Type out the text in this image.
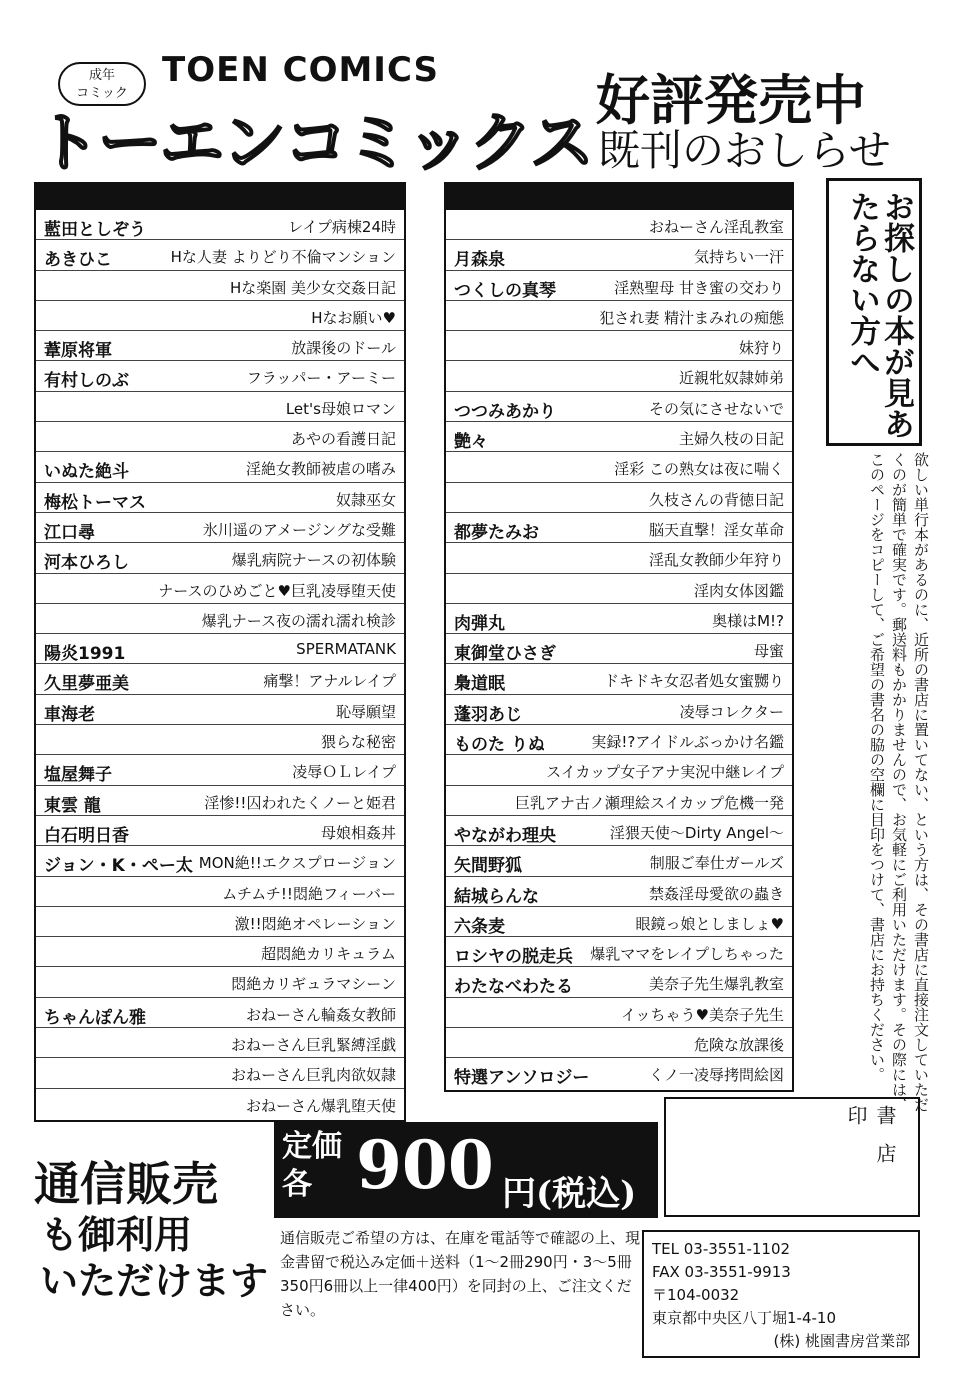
成年
コミック
TOEN COMICS
トーエンコミックス
好評発売中
既刊のおしらせ
藍田としぞう	レイプ病棟24時
あきひこ	Hな人妻 よりどり不倫マンション
Hな楽園 美少女交姦日記
Hなお願い♥
葦原将軍	放課後のドール
有村しのぶ	フラッパー・アーミー
Let's母娘ロマン
あやの看護日記
いぬた絶斗	淫絶女教師被虐の嗜み
梅松トーマス	奴隷巫女
江口尋	氷川遥のアメージングな受難
河本ひろし	爆乳病院ナースの初体験
ナースのひめごと♥巨乳凌辱堕天使
爆乳ナース夜の濡れ濡れ検診
陽炎1991	SPERMATANK
久里夢亜美	痛撃！アナルレイプ
車海老	恥辱願望
猥らな秘密
塩屋舞子	凌辱ＯＬレイプ
東雲 龍	淫惨!!囚われたくノーと姫君
白石明日香	母娘相姦丼
ジョン・K・ペー太 MON絶!!エクスプロージョン
ムチムチ!!悶絶フィーバー
激!!悶絶オペレーション
超悶絶カリキュラム
悶絶カリギュラマシーン
ちゃんぽん雅	おねーさん輪姦女教師
おねーさん巨乳緊縛淫戯
おねーさん巨乳肉欲奴隷
おねーさん爆乳堕天使
おねーさん淫乱教室
月森泉	気持ちい一汗
つくしの真琴	淫熟聖母 甘き蜜の交わり
犯され妻 精汁まみれの痴態
妹狩り
近親牝奴隷姉弟
つつみあかり	その気にさせないで
艶々	主婦久枝の日記
淫彩 この熟女は夜に喘く
久枝さんの背徳日記
都夢たみお	脳天直撃！淫女革命
淫乱女教師少年狩り
淫肉女体図鑑
肉弾丸	奥様はM!?
東御堂ひさぎ	母蜜
梟道眠	ドキドキ女忍者処女蜜嬲り
蓬羽あじ	凌辱コレクター
ものた りぬ	実録!?アイドルぶっかけ名鑑
スイカップ女子アナ実況中継レイプ
巨乳アナ古ノ瀬理絵スイカップ危機一発
やながわ理央	淫猥天使〜Dirty Angel〜
矢間野狐	制服ご奉仕ガールズ
結城らんな	禁姦淫母愛欲の蟲き
六条麦	眼鏡っ娘としましょ♥
ロシヤの脱走兵 爆乳ママをレイプしちゃった
わたなべわたる	美奈子先生爆乳教室
イッちゃう♥美奈子先生
危険な放課後
特選アンソロジー	くノ一凌辱拷問絵図
お探しの本が見あたらない方へ
欲しい単行本があるのに、近所の書店に置いてない、という方は、その書店に直接注文していただくのが簡単で確実です。郵送料もかかりませんので、お気軽にご利用いただけます。その際には、このページをコピーして、ご希望の書名の脇の空欄に目印をつけて、書店にお持ちください。
書店印
通信販売
も御利用
いただけます
定価 各 900 円(税込)
通信販売ご希望の方は、在庫を電話等で確認の上、現金書留で税込み定価＋送料（1〜2冊290円・3〜5冊350円6冊以上一律400円）を同封の上、ご注文ください。
TEL 03-3551-1102
FAX 03-3551-9913
〒104-0032
東京都中央区八丁堀1-4-10
(株) 桃園書房営業部
